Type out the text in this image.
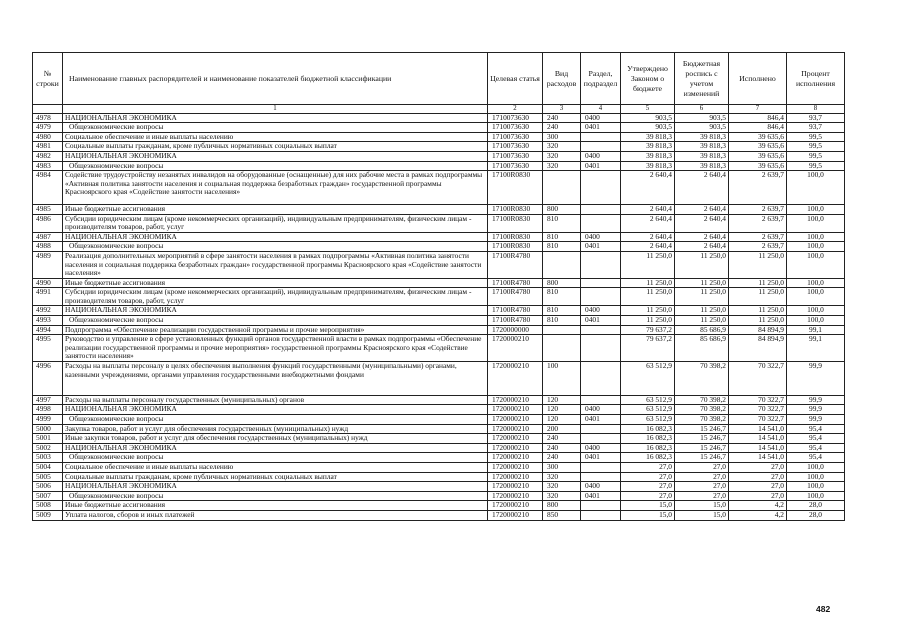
№ строки	Наименование главных распорядителей и наименование показателей бюджетной классификации	Целевая статья	Вид расходов	Раздел, подраздел	Утверждено Законом о бюджете	Бюджетная роспись с учетом изменений	Исполнено	Процент исполнения
	1	2	3	4	5	6	7	8
4978	НАЦИОНАЛЬНАЯ ЭКОНОМИКА	1710073630	240	0400	903,5	903,5	846,4	93,7
4979	Общеэкономические вопросы	1710073630	240	0401	903,5	903,5	846,4	93,7
4980	Социальное обеспечение и иные выплаты населению	1710073630	300		39 818,3	39 818,3	39 635,6	99,5
4981	Социальные выплаты гражданам, кроме публичных нормативных социальных выплат	1710073630	320		39 818,3	39 818,3	39 635,6	99,5
4982	НАЦИОНАЛЬНАЯ ЭКОНОМИКА	1710073630	320	0400	39 818,3	39 818,3	39 635,6	99,5
4983	Общеэкономические вопросы	1710073630	320	0401	39 818,3	39 818,3	39 635,6	99,5
4984	Содействие трудоустройству незанятых инвалидов на оборудованные (оснащенные) для них рабочие места в рамках подпрограммы «Активная политика занятости населения и социальная поддержка безработных граждан» государственной программы Красноярского края «Содействие занятости населения»	17100R0830			2 640,4	2 640,4	2 639,7	100,0
4985	Иные бюджетные ассигнования	17100R0830	800		2 640,4	2 640,4	2 639,7	100,0
4986	Субсидии юридическим лицам (кроме некоммерческих организаций), индивидуальным предпринимателям, физическим лицам - производителям товаров, работ, услуг	17100R0830	810		2 640,4	2 640,4	2 639,7	100,0
4987	НАЦИОНАЛЬНАЯ ЭКОНОМИКА	17100R0830	810	0400	2 640,4	2 640,4	2 639,7	100,0
4988	Общеэкономические вопросы	17100R0830	810	0401	2 640,4	2 640,4	2 639,7	100,0
4989	Реализация дополнительных мероприятий в сфере занятости населения в рамках подпрограммы «Активная политика занятости населения и социальная поддержка безработных граждан» государственной программы Красноярского края «Содействие занятости населения»	17100R4780			11 250,0	11 250,0	11 250,0	100,0
4990	Иные бюджетные ассигнования	17100R4780	800		11 250,0	11 250,0	11 250,0	100,0
4991	Субсидии юридическим лицам (кроме некоммерческих организаций), индивидуальным предпринимателям, физическим лицам - производителям товаров, работ, услуг	17100R4780	810		11 250,0	11 250,0	11 250,0	100,0
4992	НАЦИОНАЛЬНАЯ ЭКОНОМИКА	17100R4780	810	0400	11 250,0	11 250,0	11 250,0	100,0
4993	Общеэкономические вопросы	17100R4780	810	0401	11 250,0	11 250,0	11 250,0	100,0
4994	Подпрограмма «Обеспечение реализации государственной программы и прочие мероприятия»	1720000000			79 637,2	85 686,9	84 894,9	99,1
4995	Руководство и управление в сфере установленных функций органов государственной власти в рамках подпрограммы «Обеспечение реализации государственной программы и прочие мероприятия» государственной программы Красноярского края «Содействие занятости населения»	1720000210			79 637,2	85 686,9	84 894,9	99,1
4996	Расходы на выплаты персоналу в целях обеспечения выполнения функций государственными (муниципальными) органами, казенными учреждениями, органами управления государственными внебюджетными фондами	1720000210	100		63 512,9	70 398,2	70 322,7	99,9
4997	Расходы на выплаты персоналу государственных (муниципальных) органов	1720000210	120		63 512,9	70 398,2	70 322,7	99,9
4998	НАЦИОНАЛЬНАЯ ЭКОНОМИКА	1720000210	120	0400	63 512,9	70 398,2	70 322,7	99,9
4999	Общеэкономические вопросы	1720000210	120	0401	63 512,9	70 398,2	70 322,7	99,9
5000	Закупка товаров, работ и услуг для обеспечения государственных (муниципальных) нужд	1720000210	200		16 082,3	15 246,7	14 541,0	95,4
5001	Иные закупки товаров, работ и услуг для обеспечения государственных (муниципальных) нужд	1720000210	240		16 082,3	15 246,7	14 541,0	95,4
5002	НАЦИОНАЛЬНАЯ ЭКОНОМИКА	1720000210	240	0400	16 082,3	15 246,7	14 541,0	95,4
5003	Общеэкономические вопросы	1720000210	240	0401	16 082,3	15 246,7	14 541,0	95,4
5004	Социальное обеспечение и иные выплаты населению	1720000210	300		27,0	27,0	27,0	100,0
5005	Социальные выплаты гражданам, кроме публичных нормативных социальных выплат	1720000210	320		27,0	27,0	27,0	100,0
5006	НАЦИОНАЛЬНАЯ ЭКОНОМИКА	1720000210	320	0400	27,0	27,0	27,0	100,0
5007	Общеэкономические вопросы	1720000210	320	0401	27,0	27,0	27,0	100,0
5008	Иные бюджетные ассигнования	1720000210	800		15,0	15,0	4,2	28,0
5009	Уплата налогов, сборов и иных платежей	1720000210	850		15,0	15,0	4,2	28,0
482
